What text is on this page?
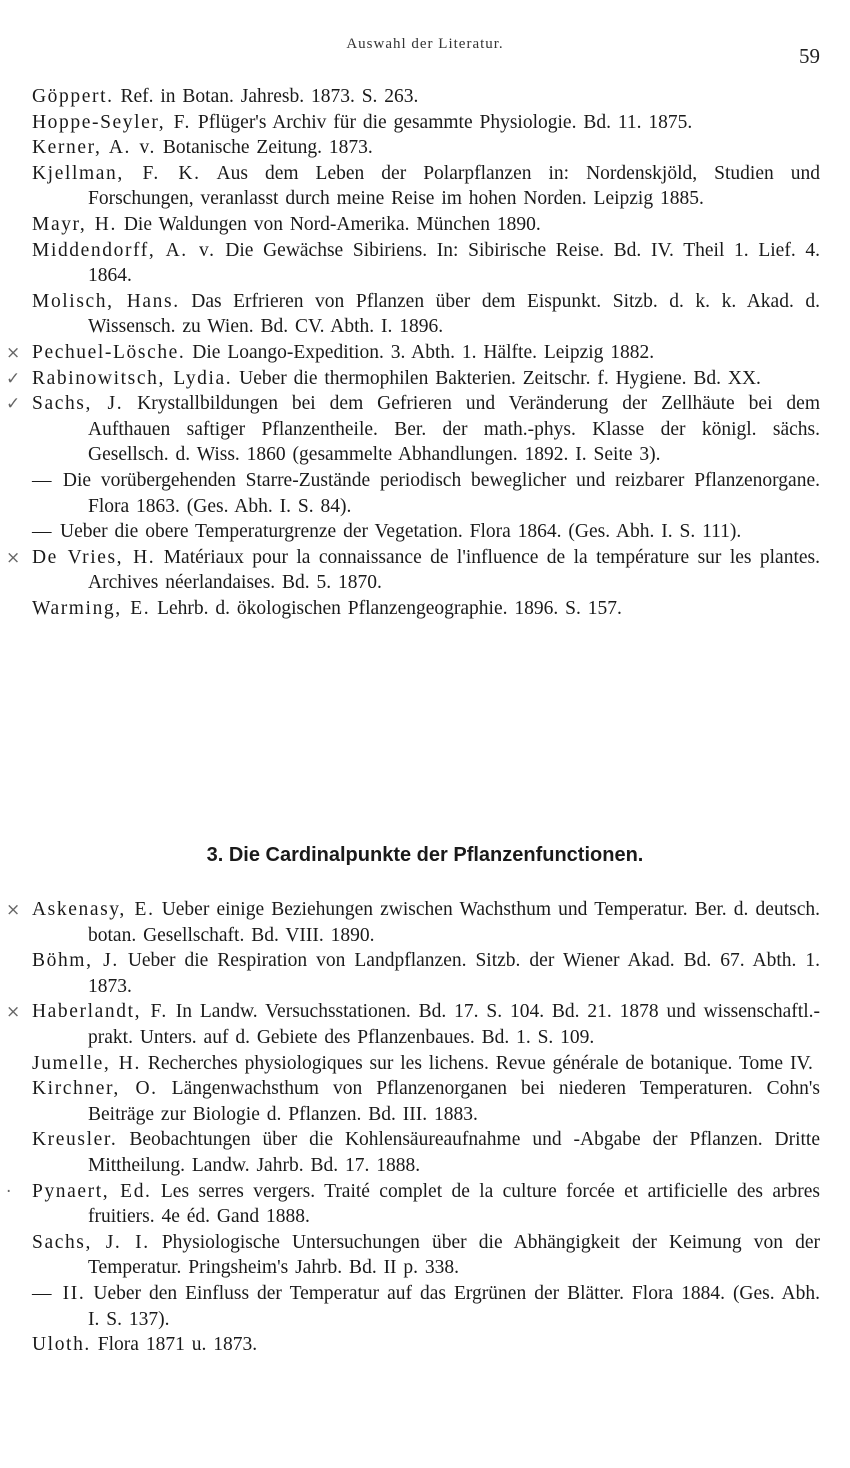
Auswahl der Literatur.	59
Göppert. Ref. in Botan. Jahresb. 1873. S. 263.
Hoppe-Seyler, F. Pflüger's Archiv für die gesammte Physiologie. Bd. 11. 1875.
Kerner, A. v. Botanische Zeitung. 1873.
Kjellman, F. K. Aus dem Leben der Polarpflanzen in: Nordenskjöld, Studien und Forschungen, veranlasst durch meine Reise im hohen Norden. Leipzig 1885.
Mayr, H. Die Waldungen von Nord-Amerika. München 1890.
Middendorff, A. v. Die Gewächse Sibiriens. In: Sibirische Reise. Bd. IV. Theil 1. Lief. 4. 1864.
Molisch, Hans. Das Erfrieren von Pflanzen über dem Eispunkt. Sitzb. d. k. k. Akad. d. Wissensch. zu Wien. Bd. CV. Abth. I. 1896.
× Pechuel-Lösche. Die Loango-Expedition. 3. Abth. 1. Hälfte. Leipzig 1882.
✓ Rabinowitsch, Lydia. Ueber die thermophilen Bakterien. Zeitschr. f. Hygiene. Bd. XX.
✓ Sachs, J. Krystallbildungen bei dem Gefrieren und Veränderung der Zellhäute bei dem Aufthauen saftiger Pflanzentheile. Ber. der math.-phys. Klasse der königl. sächs. Gesellsch. d. Wiss. 1860 (gesammelte Abhandlungen. 1892. I. Seite 3).
— Die vorübergehenden Starre-Zustände periodisch beweglicher und reizbarer Pflanzenorgane. Flora 1863. (Ges. Abh. I. S. 84).
— Ueber die obere Temperaturgrenze der Vegetation. Flora 1864. (Ges. Abh. I. S. 111).
× De Vries, H. Matériaux pour la connaissance de l'influence de la température sur les plantes. Archives néerlandaises. Bd. 5. 1870.
Warming, E. Lehrb. d. ökologischen Pflanzengeographie. 1896. S. 157.
3. Die Cardinalpunkte der Pflanzenfunctionen.
× Askenasy, E. Ueber einige Beziehungen zwischen Wachsthum und Temperatur. Ber. d. deutsch. botan. Gesellschaft. Bd. VIII. 1890.
Böhm, J. Ueber die Respiration von Landpflanzen. Sitzb. der Wiener Akad. Bd. 67. Abth. 1. 1873.
× Haberlandt, F. In Landw. Versuchsstationen. Bd. 17. S. 104. Bd. 21. 1878 und wissenschaftl.-prakt. Unters. auf d. Gebiete des Pflanzenbaues. Bd. 1. S. 109.
Jumelle, H. Recherches physiologiques sur les lichens. Revue générale de botanique. Tome IV.
Kirchner, O. Längenwachsthum von Pflanzenorganen bei niederen Temperaturen. Cohn's Beiträge zur Biologie d. Pflanzen. Bd. III. 1883.
Kreusler. Beobachtungen über die Kohlensäureaufnahme und -Abgabe der Pflanzen. Dritte Mittheilung. Landw. Jahrb. Bd. 17. 1888.
·	Pynaert, Ed. Les serres vergers. Traité complet de la culture forcée et artificielle des arbres fruitiers. 4e éd. Gand 1888.
Sachs, J. I. Physiologische Untersuchungen über die Abhängigkeit der Keimung von der Temperatur. Pringsheim's Jahrb. Bd. II p. 338.
— II. Ueber den Einfluss der Temperatur auf das Ergrünen der Blätter. Flora 1884. (Ges. Abh. I. S. 137).
Uloth. Flora 1871 u. 1873.
